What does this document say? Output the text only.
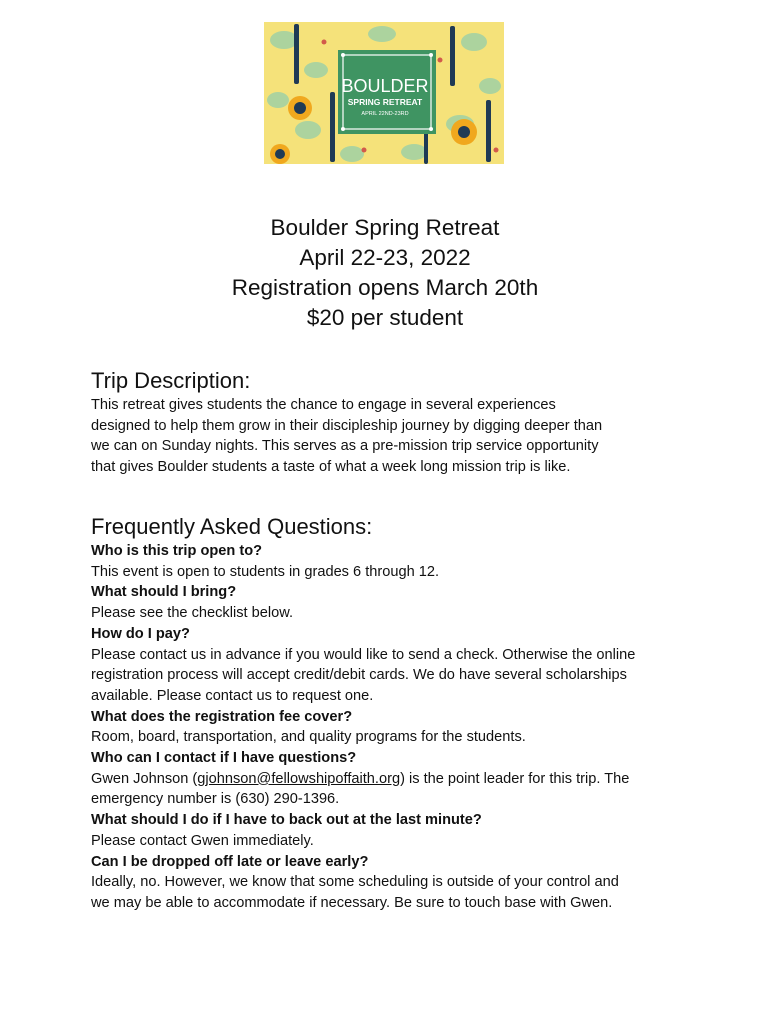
BOULDER
SPRING RETREAT
APRIL 22ND-23RD
Boulder Spring Retreat
April 22-23, 2022
Registration opens March 20th
$20 per student
Trip Description:

This retreat gives students the chance to engage in several experiences

designed to help them grow in their discipleship journey by digging deeper than

we can on Sunday nights. This serves as a pre-mission trip service opportunity

that gives Boulder students a taste of what a week long mission trip is like.

Frequently Asked Questions:

Who is this trip open to?

This event is open to students in grades 6 through 12.

What should I bring?

Please see the checklist below.

How do I pay?

Please contact us in advance if you would like to send a check. Otherwise the online

registration process will accept credit/debit cards. We do have several scholarships

available. Please contact us to request one.

What does the registration fee cover?

Room, board, transportation, and quality programs for the students.

Who can I contact if I have questions?

Gwen Johnson (gjohnson@fellowshipoffaith.org) is the point leader for this trip. The

emergency number is (630) 290-1396.

What should I do if I have to back out at the last minute?

Please contact Gwen immediately.

Can I be dropped off late or leave early?

Ideally, no. However, we know that some scheduling is outside of your control and

we may be able to accommodate if necessary. Be sure to touch base with Gwen.
